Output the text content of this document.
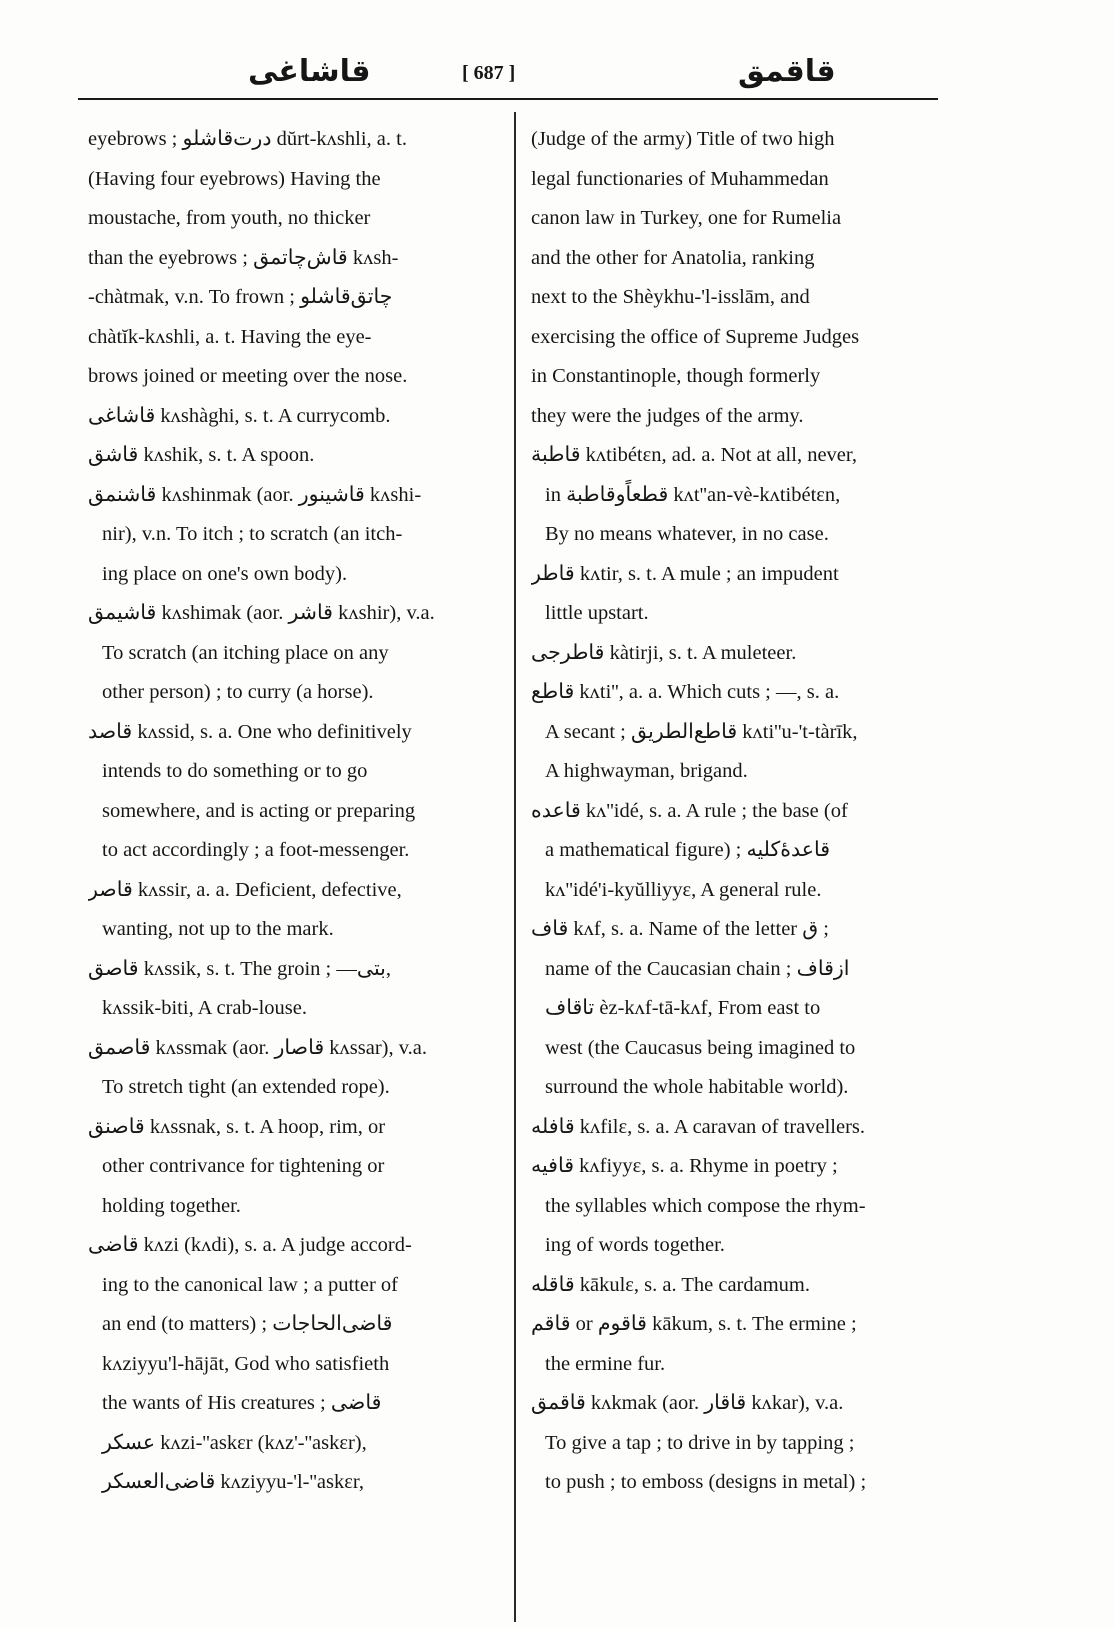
قاشاغی	[ 687 ]	قاقمق
eyebrows ; درت‌قاشلو dŭrt-kʌshli, a. t.
(Having four eyebrows) Having the
moustache, from youth, no thicker
than the eyebrows ; قاش‌چاتمق kʌsh-
-chàtmak, v.n. To frown ; چاتق‌قاشلو
chàtĭk-kʌshli, a. t. Having the eye-
brows joined or meeting over the nose.
قاشاغی kʌshàghi, s. t. A currycomb.
قاشق kʌshik, s. t. A spoon.
قاشنمق kʌshinmak (aor. قاشینور kʌshi-
nir), v.n. To itch ; to scratch (an itch-
ing place on one's own body).
قاشیمق kʌshimak (aor. قاشر kʌshir), v.a.
To scratch (an itching place on any
other person) ; to curry (a horse).
قاصد kʌssid, s. a. One who definitively
intends to do something or to go
somewhere, and is acting or preparing
to act accordingly ; a foot-messenger.
قاصر kʌssir, a. a. Deficient, defective,
wanting, not up to the mark.
قاصق kʌssik, s. t. The groin ; —بتی,
kʌssik-biti, A crab-louse.
قاصمق kʌssmak (aor. قاصار kʌssar), v.a.
To stretch tight (an extended rope).
قاصنق kʌssnak, s. t. A hoop, rim, or
other contrivance for tightening or
holding together.
قاضی kʌzi (kʌdi), s. a. A judge accord-
ing to the canonical law ; a putter of
an end (to matters) ; قاضی‌الحاجات
kʌziyyu'l-hājāt, God who satisfieth
the wants of His creatures ; قاضی
عسکر kʌzi-''askɛr (kʌz'-''askɛr),
قاضی‌العسکر kʌziyyu-'l-''askɛr,
(Judge of the army) Title of two high
legal functionaries of Muhammedan
canon law in Turkey, one for Rumelia
and the other for Anatolia, ranking
next to the Shèykhu-'l-isslām, and
exercising the office of Supreme Judges
in Constantinople, though formerly
they were the judges of the army.
قاطبة kʌtibétɛn, ad. a. Not at all, never,
in قطعاً‌وقاطبة kʌt''an-vè-kʌtibétɛn,
By no means whatever, in no case.
قاطر kʌtir, s. t. A mule ; an impudent
little upstart.
قاطرجی kàtirji, s. t. A muleteer.
قاطع kʌti'', a. a. Which cuts ; —, s. a.
A secant ; قاطع‌الطریق kʌti''u-'t-tàrīk,
A highwayman, brigand.
قاعده kʌ''idé, s. a. A rule ; the base (of
a mathematical figure) ; قاعدهٔ‌کلیه
kʌ''idé'i-kyŭlliyyɛ, A general rule.
قاف kʌf, s. a. Name of the letter ق ;
name of the Caucasian chain ; ازقاف
تاقاف èz-kʌf-tā-kʌf, From east to
west (the Caucasus being imagined to
surround the whole habitable world).
قافله kʌfilɛ, s. a. A caravan of travellers.
قافیه kʌfiyyɛ, s. a. Rhyme in poetry ;
the syllables which compose the rhym-
ing of words together.
قاقله kākulɛ, s. a. The cardamum.
قاقم or قاقوم kākum, s. t. The ermine ;
the ermine fur.
قاقمق kʌkmak (aor. قاقار kʌkar), v.a.
To give a tap ; to drive in by tapping ;
to push ; to emboss (designs in metal) ;
